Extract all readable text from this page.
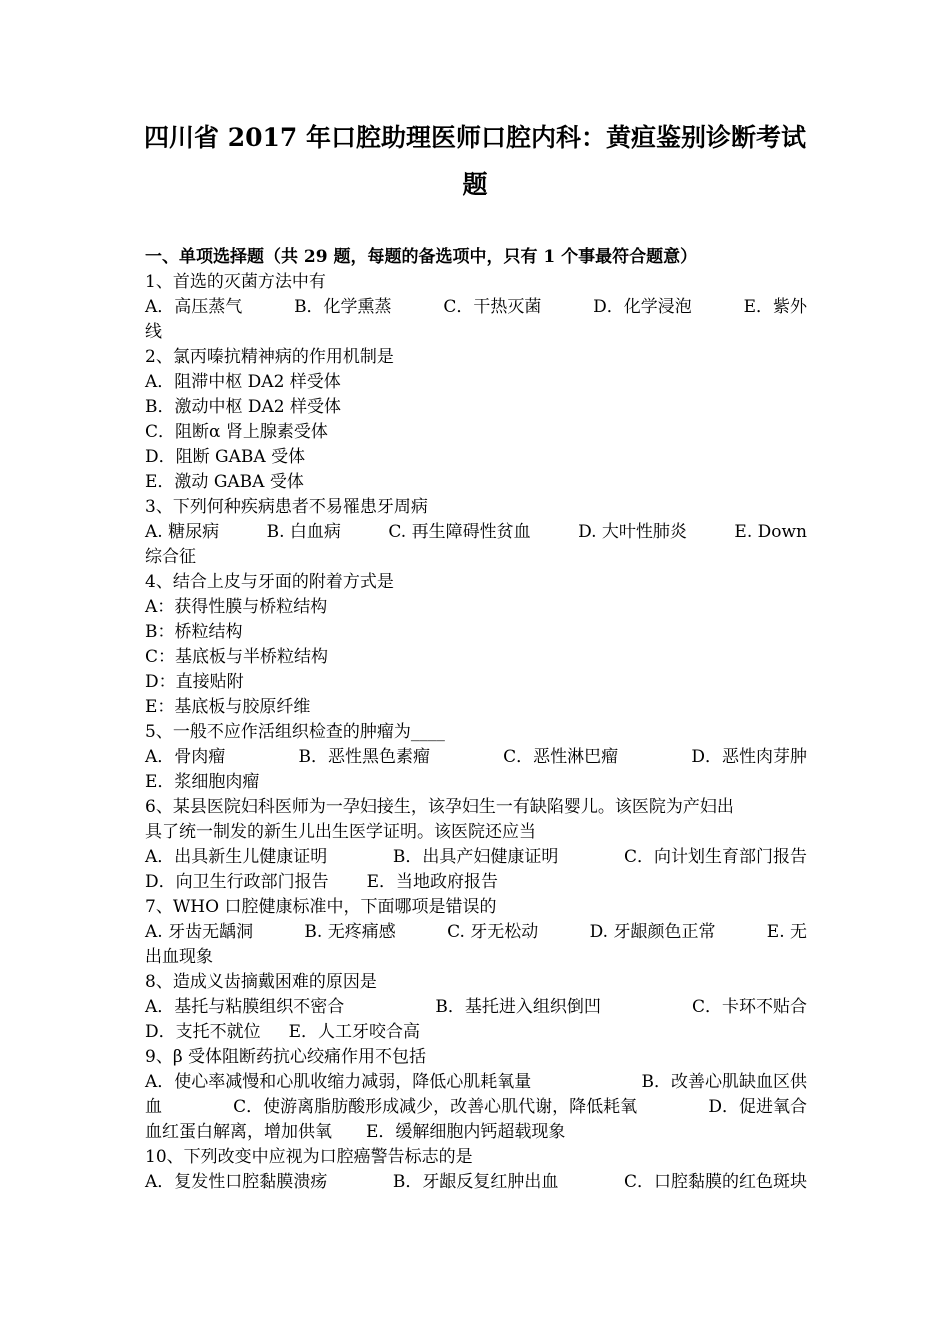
四川省 2017 年口腔助理医师口腔内科：黄疸鉴别诊断考试
题
一、单项选择题（共 29 题，每题的备选项中，只有 1 个事最符合题意）
1、首选的灭菌方法中有
A．高压蒸气	B．化学熏蒸	C．干热灭菌	D．化学浸泡	E．紫外
线
2、氯丙嗪抗精神病的作用机制是
A．阻滞中枢 DA2 样受体
B．激动中枢 DA2 样受体
C．阻断α 肾上腺素受体
D．阻断 GABA 受体
E．激动 GABA 受体
3、下列何种疾病患者不易罹患牙周病
A. 糖尿病	B. 白血病	C. 再生障碍性贫血	D. 大叶性肺炎	E. Down
综合征
4、结合上皮与牙面的附着方式是
A：获得性膜与桥粒结构
B：桥粒结构
C：基底板与半桥粒结构
D：直接贴附
E：基底板与胶原纤维
5、一般不应作活组织检查的肿瘤为____
A．骨肉瘤	B．恶性黑色素瘤	C．恶性淋巴瘤	D．恶性肉芽肿
E．浆细胞肉瘤
6、某县医院妇科医师为一孕妇接生，该孕妇生一有缺陷婴儿。该医院为产妇出
具了统一制发的新生儿出生医学证明。该医院还应当
A．出具新生儿健康证明	B．出具产妇健康证明	C．向计划生育部门报告
D．向卫生行政部门报告 E．当地政府报告
7、WHO 口腔健康标准中，下面哪项是错误的
A. 牙齿无龋洞	B. 无疼痛感	C. 牙无松动	D. 牙龈颜色正常	E. 无
出血现象
8、造成义齿摘戴困难的原因是
A．基托与粘膜组织不密合	B．基托进入组织倒凹	C．卡环不贴合
D．支托不就位 E．人工牙咬合高
9、β 受体阻断药抗心绞痛作用不包括
A．使心率减慢和心肌收缩力减弱，降低心肌耗氧量	B．改善心肌缺血区供
血	C．使游离脂肪酸形成减少，改善心肌代谢，降低耗氧	D．促进氧合
血红蛋白解离，增加供氧 E．缓解细胞内钙超载现象
10、下列改变中应视为口腔癌警告标志的是
A．复发性口腔黏膜溃疡	B．牙龈反复红肿出血	C．口腔黏膜的红色斑块
